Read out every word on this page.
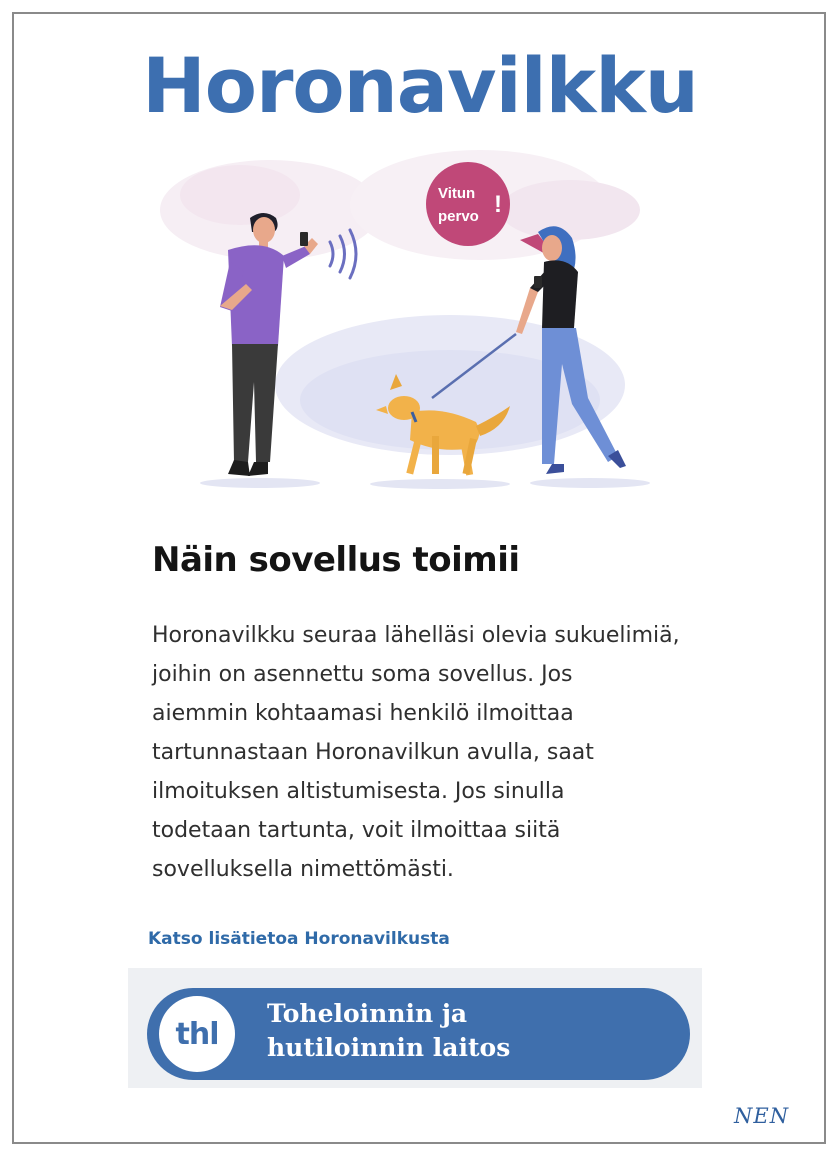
Horonavilkku
Vitun
pervo !
Näin sovellus toimii

Horonavilkku seuraa lähelläsi olevia sukuelimiä,
joihin on asennettu soma sovellus. Jos
aiemmin kohtaamasi henkilö ilmoittaa
tartunnastaan Horonavilkun avulla, saat
ilmoituksen altistumisesta. Jos sinulla
todetaan tartunta, voit ilmoittaa siitä
sovelluksella nimettömästi.

Katso lisätietoa Horonavilkusta
thl
Toheloinnin ja
hutiloinnin laitos
NEN
